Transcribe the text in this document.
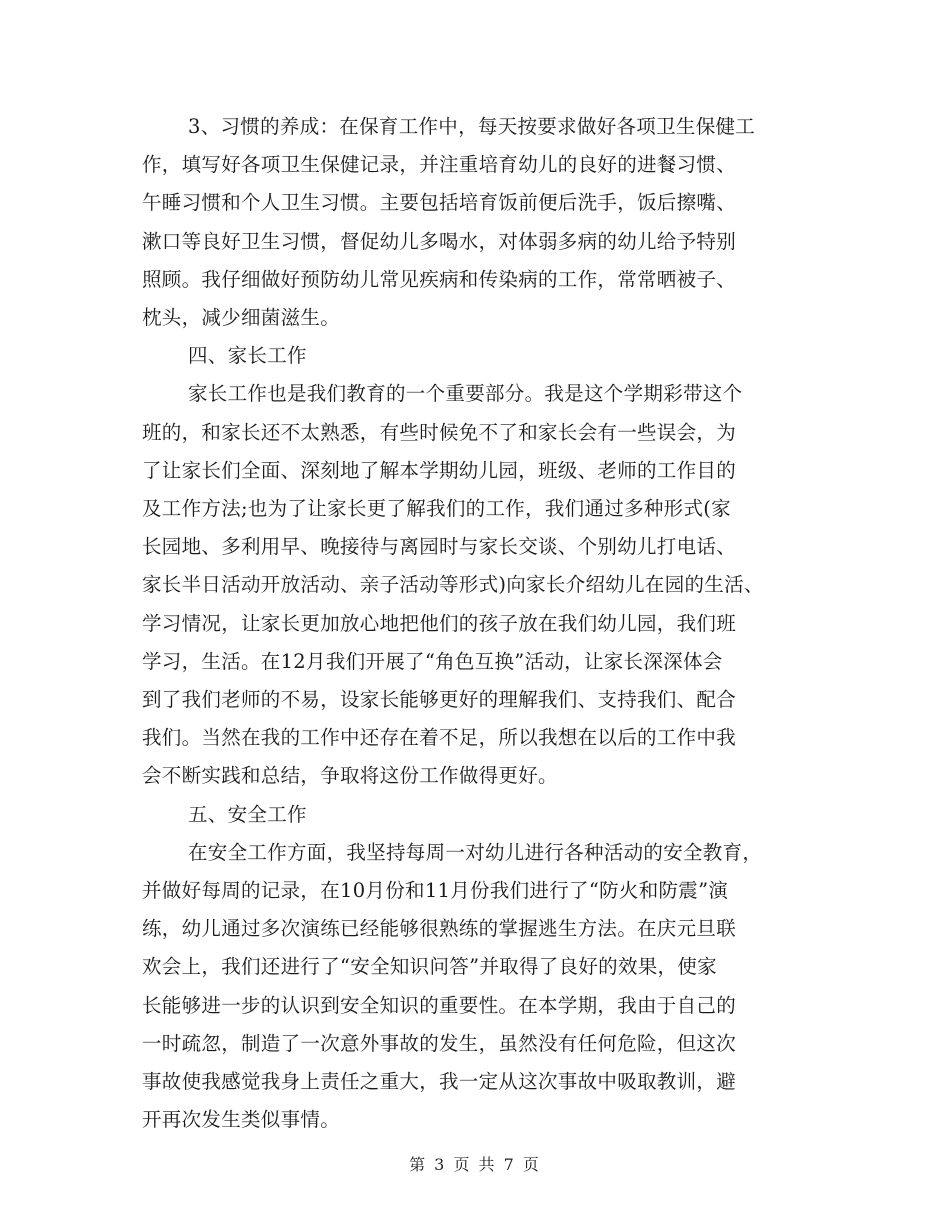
3、习惯的养成：在保育工作中，每天按要求做好各项卫生保健工
作，填写好各项卫生保健记录，并注重培育幼儿的良好的进餐习惯、
午睡习惯和个人卫生习惯。主要包括培育饭前便后洗手，饭后擦嘴、
漱口等良好卫生习惯，督促幼儿多喝水，对体弱多病的幼儿给予特别
照顾。我仔细做好预防幼儿常见疾病和传染病的工作，常常晒被子、
枕头，减少细菌滋生。
四、家长工作
家长工作也是我们教育的一个重要部分。我是这个学期彩带这个
班的，和家长还不太熟悉，有些时候免不了和家长会有一些误会，为
了让家长们全面、深刻地了解本学期幼儿园，班级、老师的工作目的
及工作方法;也为了让家长更了解我们的工作，我们通过多种形式(家
长园地、多利用早、晚接待与离园时与家长交谈、个别幼儿打电话、
家长半日活动开放活动、亲子活动等形式)向家长介绍幼儿在园的生活、
学习情况，让家长更加放心地把他们的孩子放在我们幼儿园，我们班
学习，生活。在12月我们开展了“角色互换”活动，让家长深深体会
到了我们老师的不易，设家长能够更好的理解我们、支持我们、配合
我们。当然在我的工作中还存在着不足，所以我想在以后的工作中我
会不断实践和总结，争取将这份工作做得更好。
五、安全工作
在安全工作方面，我坚持每周一对幼儿进行各种活动的安全教育，
并做好每周的记录，在10月份和11月份我们进行了“防火和防震”演
练，幼儿通过多次演练已经能够很熟练的掌握逃生方法。在庆元旦联
欢会上，我们还进行了“安全知识问答”并取得了良好的效果，使家
长能够进一步的认识到安全知识的重要性。在本学期，我由于自己的
一时疏忽，制造了一次意外事故的发生，虽然没有任何危险，但这次
事故使我感觉我身上责任之重大，我一定从这次事故中吸取教训，避
开再次发生类似事情。
第 3 页 共 7 页
